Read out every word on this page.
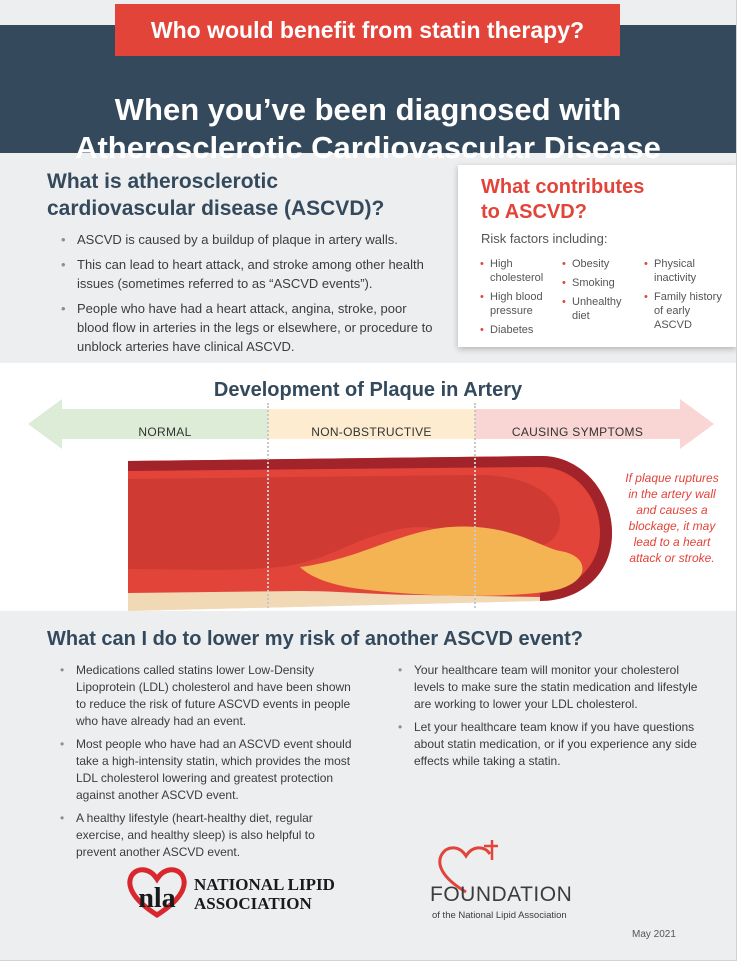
When you’ve been diagnosed with
Atherosclerotic Cardiovascular Disease
Who would benefit from statin therapy?
What is atherosclerotic
cardiovascular disease (ASCVD)?
• ASCVD is caused by a buildup of plaque in artery walls.
• This can lead to heart attack, and stroke among other health issues (sometimes referred to as “ASCVD events”).
• People who have had a heart attack, angina, stroke, poor blood flow in arteries in the legs or elsewhere, or procedure to unblock arteries have clinical ASCVD.
What contributes
to ASCVD?
Risk factors including:
• High cholesterol
• High blood pressure
• Diabetes
• Obesity
• Smoking
• Unhealthy diet
• Physical inactivity
• Family history of early ASCVD
Development of Plaque in Artery
NORMAL	NON-OBSTRUCTIVE	CAUSING SYMPTOMS
If plaque ruptures in the artery wall and causes a blockage, it may lead to a heart attack or stroke.
What can I do to lower my risk of another ASCVD event?
• Medications called statins lower Low-Density Lipoprotein (LDL) cholesterol and have been shown to reduce the risk of future ASCVD events in people who have already had an event.
• Most people who have had an ASCVD event should take a high-intensity statin, which provides the most LDL cholesterol lowering and greatest protection against another ASCVD event.
• A healthy lifestyle (heart-healthy diet, regular exercise, and healthy sleep) is also helpful to prevent another ASCVD event.
• Your healthcare team will monitor your cholesterol levels to make sure the statin medication and lifestyle are working to lower your LDL cholesterol.
• Let your healthcare team know if you have questions about statin medication, or if you experience any side effects while taking a statin.
nla	NATIONAL LIPID
ASSOCIATION	FOUNDATION
of the National Lipid Association
May 2021
